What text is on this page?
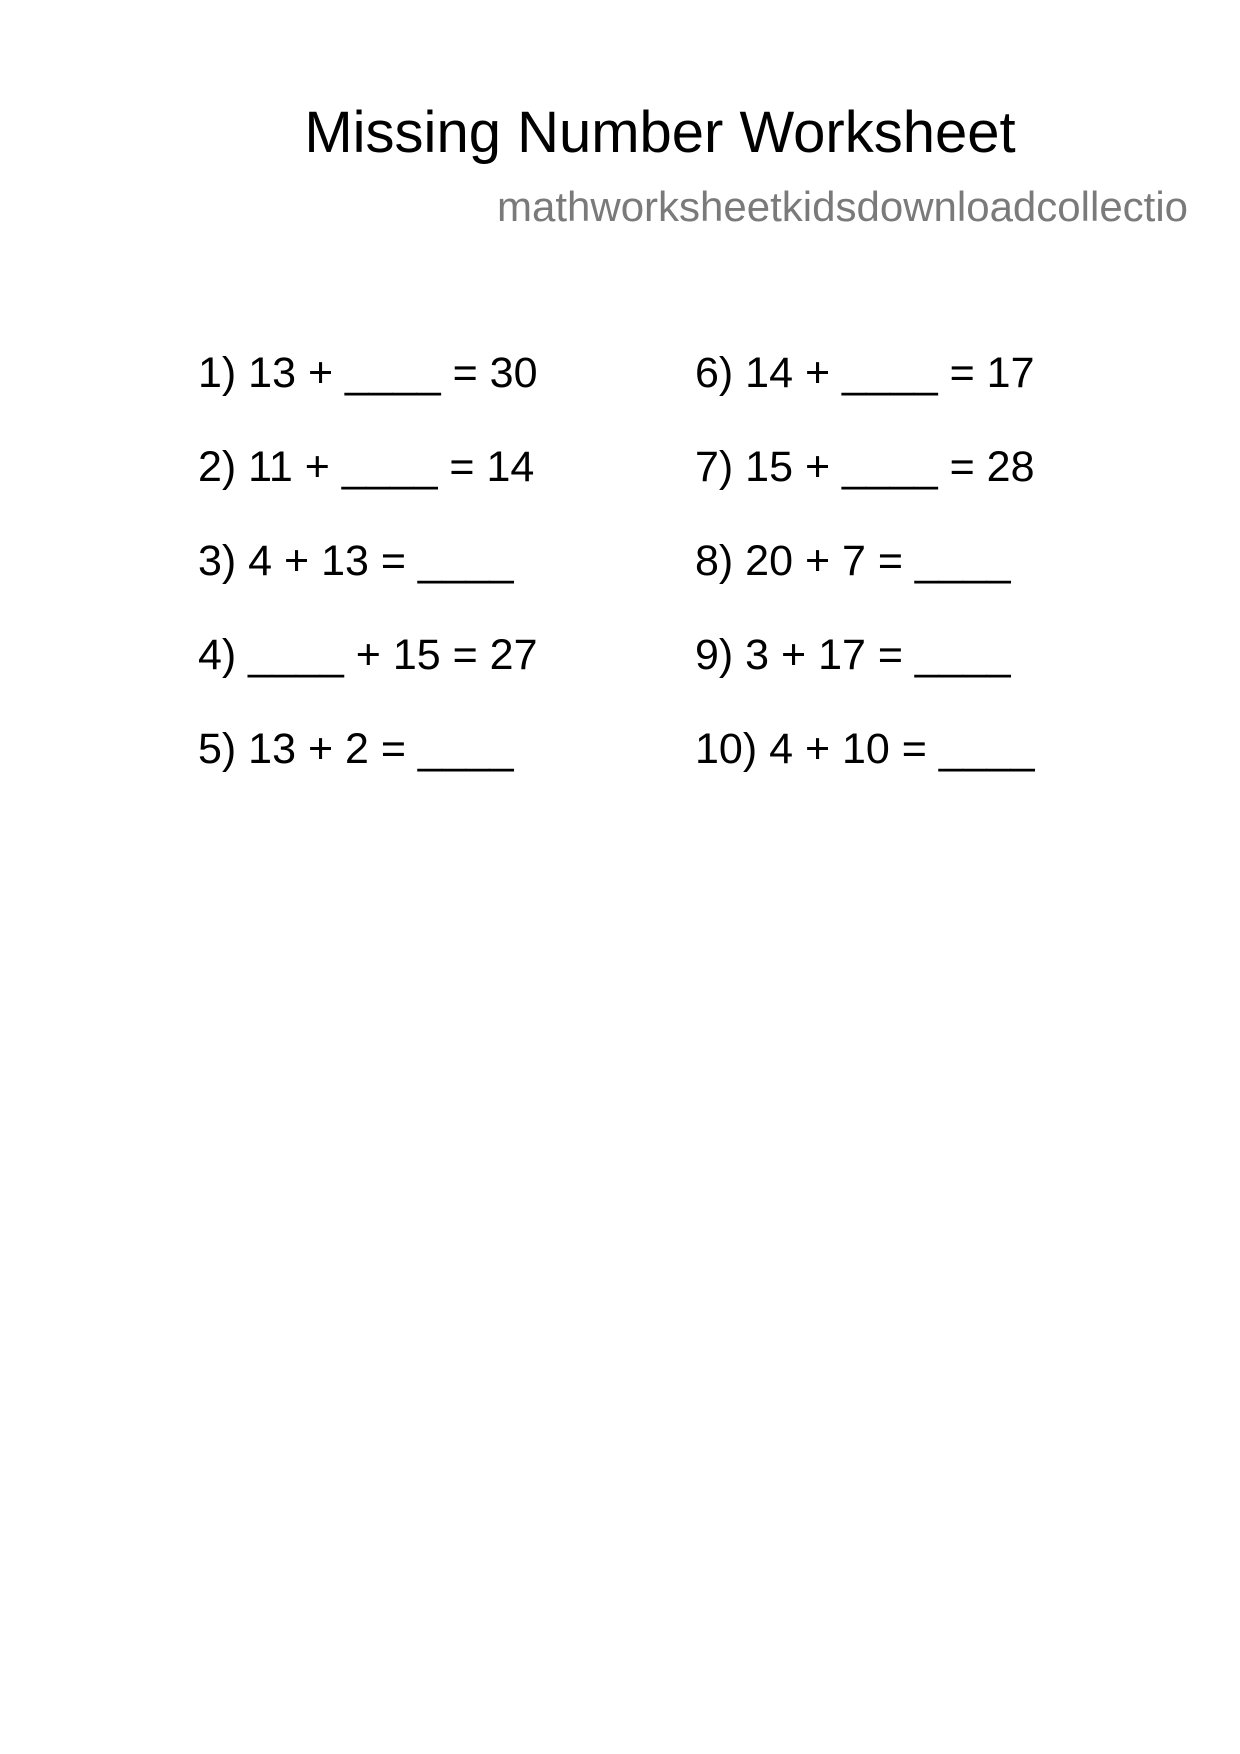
Missing Number Worksheet
mathworksheetkidsdownloadcollectio
1) 13 + ____ = 30	6) 14 + ____ = 17
2) 11 + ____ = 14	7) 15 + ____ = 28
3) 4 + 13 = ____	8) 20 + 7 = ____
4) ____ + 15 = 27	9) 3 + 17 = ____
5) 13 + 2 = ____	10) 4 + 10 = ____
